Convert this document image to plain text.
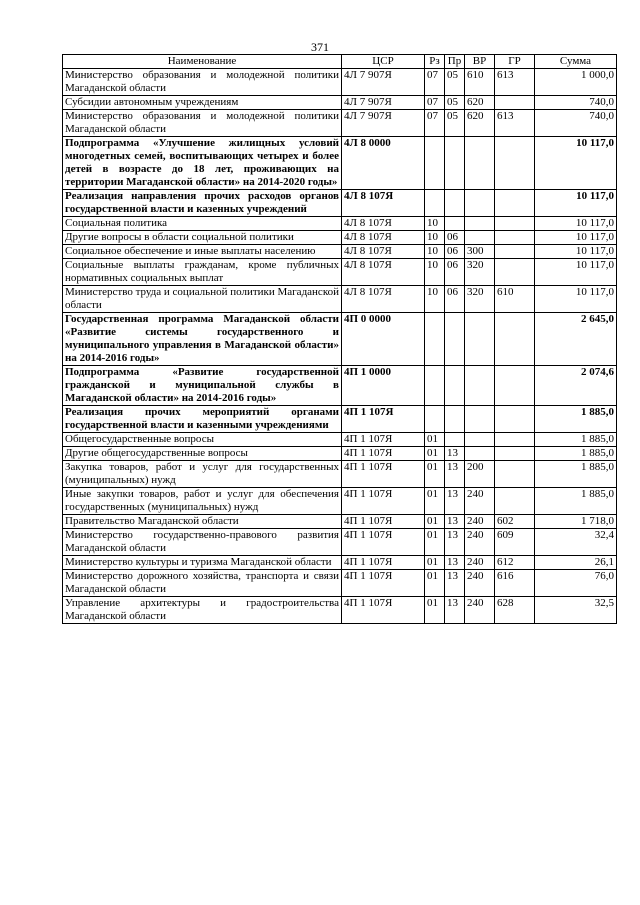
371
Наименование	ЦСР	Рз	Пр	ВР	ГР	Сумма
Министерство образования и молодежной политики Магаданской области	4Л 7 907Я	07	05	610	613	1 000,0
Субсидии автономным учреждениям	4Л 7 907Я	07	05	620		740,0
Министерство образования и молодежной политики Магаданской области	4Л 7 907Я	07	05	620	613	740,0
Подпрограмма «Улучшение жилищных условий многодетных семей, воспитывающих четырех и более детей в возрасте до 18 лет, проживающих на территории Магаданской области» на 2014-2020 годы»	4Л 8 0000					10 117,0
Реализация направления прочих расходов органов государственной власти и казенных учреждений	4Л 8 107Я					10 117,0
Социальная политика	4Л 8 107Я	10				10 117,0
Другие вопросы в области социальной политики	4Л 8 107Я	10	06			10 117,0
Социальное обеспечение и иные выплаты населению	4Л 8 107Я	10	06	300		10 117,0
Социальные выплаты гражданам, кроме публичных нормативных социальных выплат	4Л 8 107Я	10	06	320		10 117,0
Министерство труда и социальной политики Магаданской области	4Л 8 107Я	10	06	320	610	10 117,0
Государственная программа Магаданской области «Развитие системы государственного и муниципального управления в Магаданской области» на 2014-2016 годы»	4П 0 0000					2 645,0
Подпрограмма «Развитие государственной гражданской и муниципальной службы в Магаданской области» на 2014-2016 годы»	4П 1 0000					2 074,6
Реализация прочих мероприятий органами государственной власти и казенными учреждениями	4П 1 107Я					1 885,0
Общегосударственные вопросы	4П 1 107Я	01				1 885,0
Другие общегосударственные вопросы	4П 1 107Я	01	13			1 885,0
Закупка товаров, работ и услуг для государственных (муниципальных) нужд	4П 1 107Я	01	13	200		1 885,0
Иные закупки товаров, работ и услуг для обеспечения государственных (муниципальных) нужд	4П 1 107Я	01	13	240		1 885,0
Правительство Магаданской области	4П 1 107Я	01	13	240	602	1 718,0
Министерство государственно-правового развития Магаданской области	4П 1 107Я	01	13	240	609	32,4
Министерство культуры и туризма Магаданской области	4П 1 107Я	01	13	240	612	26,1
Министерство дорожного хозяйства, транспорта и связи Магаданской области	4П 1 107Я	01	13	240	616	76,0
Управление архитектуры и градостроительства Магаданской области	4П 1 107Я	01	13	240	628	32,5
